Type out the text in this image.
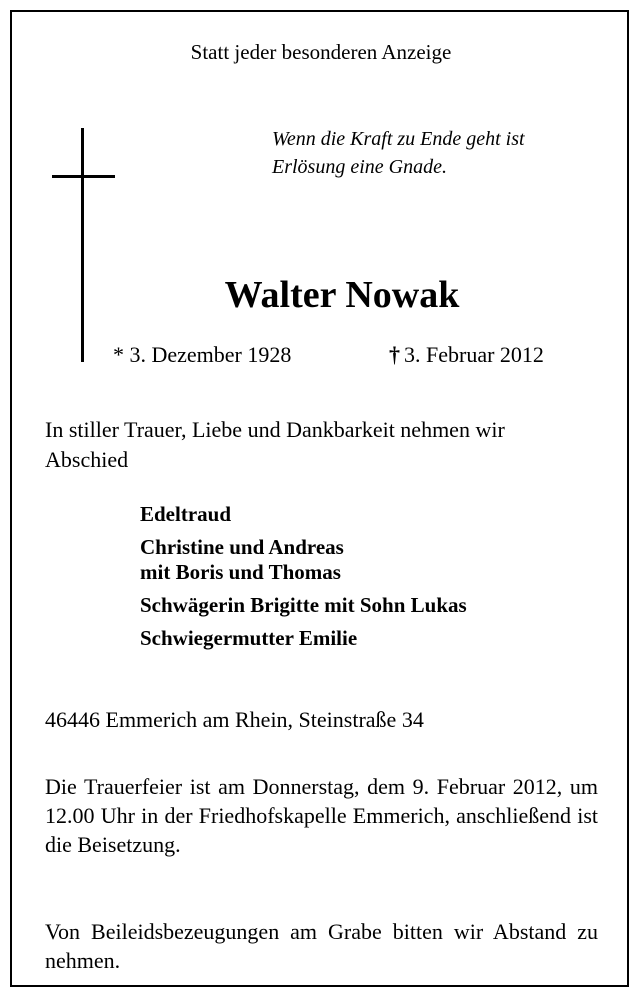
Statt jeder besonderen Anzeige
Wenn die Kraft zu Ende geht ist
Erlösung eine Gnade.
Walter Nowak
* 3. Dezember 1928	† 3. Februar 2012
In stiller Trauer, Liebe und Dankbarkeit nehmen wir Abschied
Edeltraud
Christine und Andreas
mit Boris und Thomas
Schwägerin Brigitte mit Sohn Lukas
Schwiegermutter Emilie
46446 Emmerich am Rhein, Steinstraße 34
Die Trauerfeier ist am Donnerstag, dem 9. Februar 2012, um 12.00 Uhr in der Friedhofskapelle Emmerich, anschließend ist die Beisetzung.
Von Beileidsbezeugungen am Grabe bitten wir Abstand zu nehmen.
